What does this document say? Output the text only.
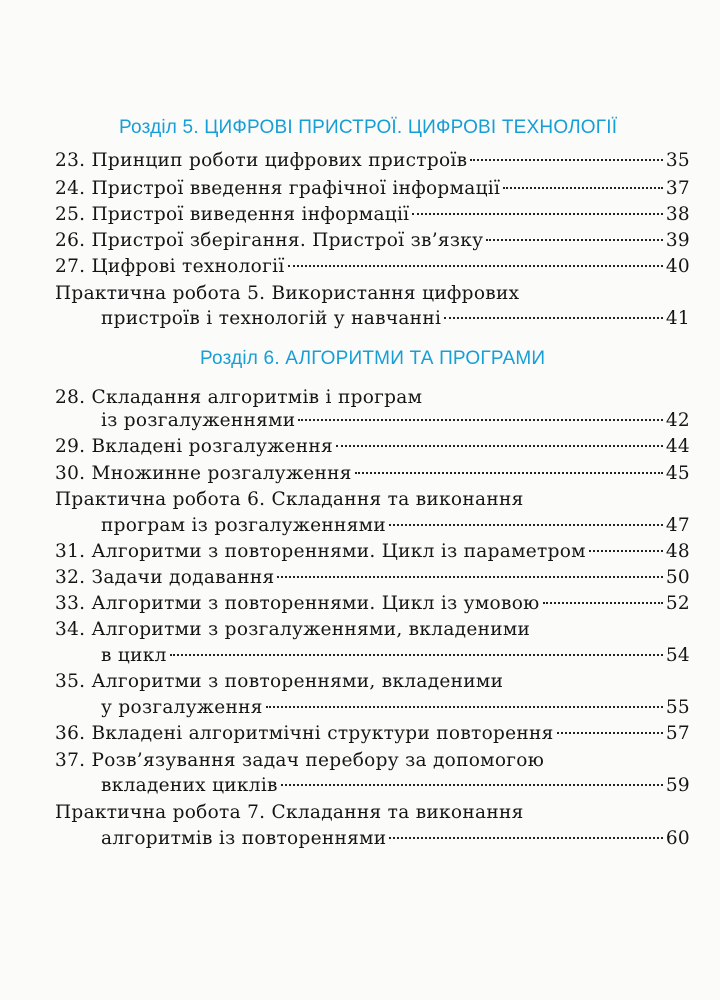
Розділ 5. ЦИФРОВІ ПРИСТРОЇ. ЦИФРОВІ ТЕХНОЛОГІЇ
23. Принцип роботи цифрових пристроїв	35
24. Пристрої введення графічної інформації	37
25. Пристрої виведення інформації	38
26. Пристрої зберігання. Пристрої зв’язку	39
27. Цифрові технології	40
Практична робота 5. Використання цифрових
пристроїв і технологій у навчанні	41
Розділ 6. АЛГОРИТМИ ТА ПРОГРАМИ
28. Складання алгоритмів і програм
із розгалуженнями	42
29. Вкладені розгалуження	44
30. Множинне розгалуження	45
Практична робота 6. Складання та виконання
програм із розгалуженнями	47
31. Алгоритми з повтореннями. Цикл із параметром	48
32. Задачи додавання	50
33. Алгоритми з повтореннями. Цикл із умовою	52
34. Алгоритми з розгалуженнями, вкладеними
в цикл	54
35. Алгоритми з повтореннями, вкладеними
у розгалуження	55
36. Вкладені алгоритмічні структури повторення	57
37. Розв’язування задач перебору за допомогою
вкладених циклів	59
Практична робота 7. Складання та виконання
алгоритмів із повтореннями	60
